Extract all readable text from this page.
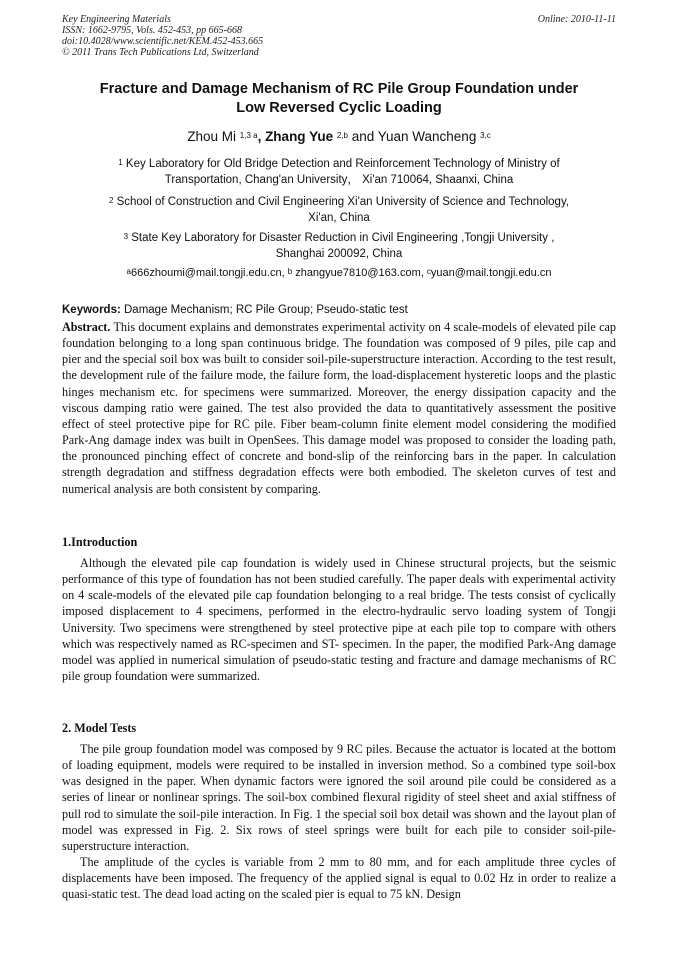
Key Engineering Materials
ISSN: 1662-9795, Vols. 452-453, pp 665-668
doi:10.4028/www.scientific.net/KEM.452-453.665
© 2011 Trans Tech Publications Ltd, Switzerland
Online: 2010-11-11
Fracture and Damage Mechanism of RC Pile Group Foundation under
Low Reversed Cyclic Loading
Zhou Mi $^{1,3 a}$, Zhang Yue $^{2,b}$ and Yuan Wancheng $^{3,c}$
$^1$ Key Laboratory for Old Bridge Detection and Reinforcement Technology of Ministry of
Transportation, Chang'an University， Xi'an 710064, Shaanxi, China
$^2$ School of Construction and Civil Engineering Xi'an University of Science and Technology,
Xi'an, China
$^3$ State Key Laboratory for Disaster Reduction in Civil Engineering ,Tongji University ,
Shanghai 200092, China
$^a$666zhoumi@mail.tongji.edu.cn, $^b$ zhangyue7810@163.com, $^c$yuan@mail.tongji.edu.cn
Keywords: Damage Mechanism; RC Pile Group; Pseudo-static test

Abstract. This document explains and demonstrates experimental activity on 4 scale-models of elevated pile cap foundation belonging to a long span continuous bridge. The foundation was composed of 9 piles, pile cap and pier and the special soil box was built to consider soil-pile-superstructure interaction. According to the test result, the development rule of the failure mode, the failure form, the load-displacement hysteretic loops and the plastic hinges mechanism etc. for specimens were summarized. Moreover, the energy dissipation capacity and the viscous damping ratio were gained. The test also provided the data to quantitatively assessment the positive effect of steel protective pipe for RC pile. Fiber beam-column finite element model considering the modified Park-Ang damage index was built in OpenSees. This damage model was proposed to consider the loading path, the pronounced pinching effect of concrete and bond-slip of the reinforcing bars in the paper. In calculation strength degradation and stiffness degradation effects were both embodied. The skeleton curves of test and numerical analysis are both consistent by comparing.

1.Introduction

Although the elevated pile cap foundation is widely used in Chinese structural projects, but the seismic performance of this type of foundation has not been studied carefully. The paper deals with experimental activity on 4 scale-models of the elevated pile cap foundation belonging to a real bridge. The tests consist of cyclically imposed displacement to 4 specimens, performed in the electro-hydraulic servo loading system of Tongji University. Two specimens were strengthened by steel protective pipe at each pile top to compare with others which was respectively named as RC-specimen and ST- specimen. In the paper, the modified Park-Ang damage model was applied in numerical simulation of pseudo-static testing and fracture and damage mechanisms of RC pile group foundation were summarized.

2. Model Tests

The pile group foundation model was composed by 9 RC piles. Because the actuator is located at the bottom of loading equipment, models were required to be installed in inversion method. So a combined type soil-box was designed in the paper. When dynamic factors were ignored the soil around pile could be considered as a series of linear or nonlinear springs. The soil-box combined flexural rigidity of steel sheet and axial stiffness of pull rod to simulate the soil-pile interaction. In Fig. 1 the special soil box detail was shown and the layout plan of model was expressed in Fig. 2. Six rows of steel springs were built for each pile to consider soil-pile-superstructure interaction.

The amplitude of the cycles is variable from 2 mm to 80 mm, and for each amplitude three cycles of displacements have been imposed. The frequency of the applied signal is equal to 0.02 Hz in order to realize a quasi-static test. The dead load acting on the scaled pier is equal to 75 kN. Design
